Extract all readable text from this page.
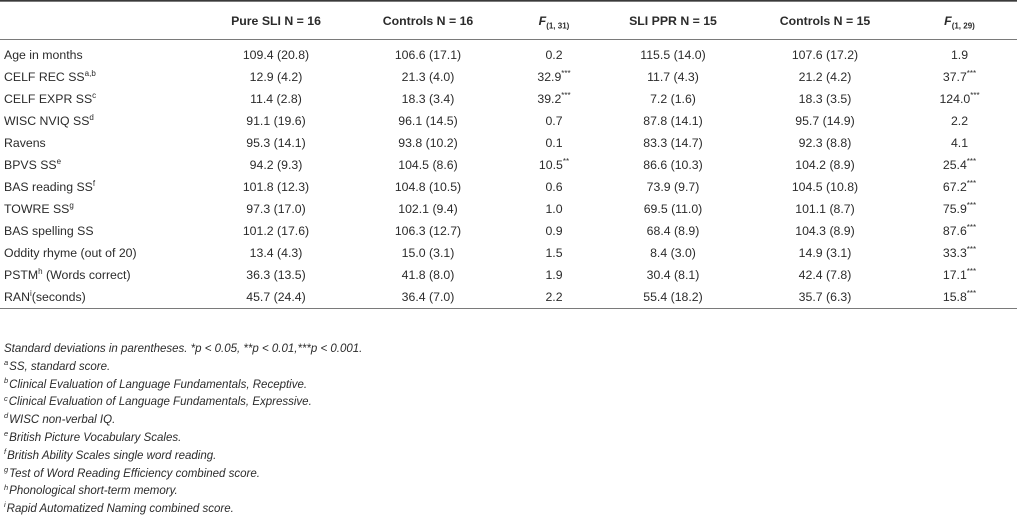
	Pure SLI N = 16	Controls N = 16	$F_{(1, 31)}$	SLI PPR N = 15	Controls N = 15	$F_{(1, 29)}$
Age in months	109.4 (20.8)	106.6 (17.1)	0.2	115.5 (14.0)	107.6 (17.2)	1.9
CELF REC SS$^{a,b}$	12.9 (4.2)	21.3 (4.0)	32.9***	11.7 (4.3)	21.2 (4.2)	37.7***
CELF EXPR $SS^c$	11.4 (2.8)	18.3 (3.4)	39.2***	7.2 (1.6)	18.3 (3.5)	124.0***
WISC NVIQ $SS^d$	91.1 (19.6)	96.1 (14.5)	0.7	87.8 (14.1)	95.7 (14.9)	2.2
Ravens	95.3 (14.1)	93.8 (10.2)	0.1	83.3 (14.7)	92.3 (8.8)	4.1
BPVS $SS^e$	94.2 (9.3)	104.5 (8.6)	10.5**	86.6 (10.3)	104.2 (8.9)	25.4***
BAS reading $SS^f$	101.8 (12.3)	104.8 (10.5)	0.6	73.9 (9.7)	104.5 (10.8)	67.2***
TOWRE $SS^g$	97.3 (17.0)	102.1 (9.4)	1.0	69.5 (11.0)	101.1 (8.7)	75.9***
BAS spelling SS	101.2 (17.6)	106.3 (12.7)	0.9	68.4 (8.9)	104.3 (8.9)	87.6***
Oddity rhyme (out of 20)	13.4 (4.3)	15.0 (3.1)	1.5	8.4 (3.0)	14.9 (3.1)	33.3***
PSTM$^h$ (Words correct)	36.3 (13.5)	41.8 (8.0)	1.9	30.4 (8.1)	42.4 (7.8)	17.1***
RAN$^i$(seconds)	45.7 (24.4)	36.4 (7.0)	2.2	55.4 (18.2)	35.7 (6.3)	15.8***
Standard deviations in parentheses. *p < 0.05, **p < 0.01,***p < 0.001.
$^a$SS, standard score.
$^b$Clinical Evaluation of Language Fundamentals, Receptive.
$^c$Clinical Evaluation of Language Fundamentals, Expressive.
$^d$WISC non-verbal IQ.
$^e$British Picture Vocabulary Scales.
$^f$British Ability Scales single word reading.
$^g$Test of Word Reading Efficiency combined score.
$^h$Phonological short-term memory.
$^i$Rapid Automatized Naming combined score.
